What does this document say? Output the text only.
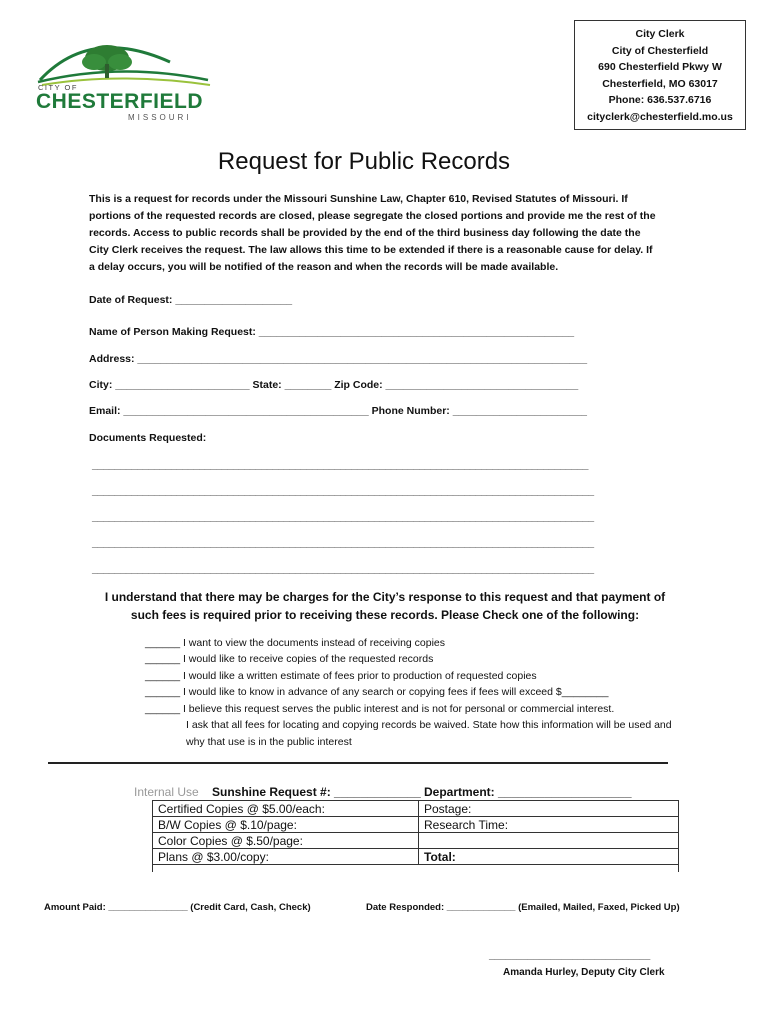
CITY OF
CHESTERFIELD
MISSOURI
City Clerk
City of Chesterfield
690 Chesterfield Pkwy W
Chesterfield, MO 63017
Phone: 636.537.6716
cityclerk@chesterfield.mo.us
Request for Public Records
This is a request for records under the Missouri Sunshine Law, Chapter 610, Revised Statutes of Missouri. If portions of the requested records are closed, please segregate the closed portions and provide me the rest of the records. Access to public records shall be provided by the end of the third business day following the date the City Clerk receives the request. The law allows this time to be extended if there is a reasonable cause for delay. If a delay occurs, you will be notified of the reason and when the records will be made available.
Date of Request: ____________________
Name of Person Making Request: ______________________________________________________
Address: _____________________________________________________________________________
City: _______________________ State: ________ Zip Code: _________________________________
Email: __________________________________________ Phone Number: _______________________
Documents Requested:
________________________________________________________________________________________
_________________________________________________________________________________________
_________________________________________________________________________________________
_________________________________________________________________________________________
_________________________________________________________________________________________
I understand that there may be charges for the City’s response to this request and that payment of such fees is required prior to receiving these records. Please Check one of the following:
______ I want to view the documents instead of receiving copies
______ I would like to receive copies of the requested records
______ I would like a written estimate of fees prior to production of requested copies
______ I would like to know in advance of any search or copying fees if fees will exceed $________
______ I believe this request serves the public interest and is not for personal or commercial interest.
I ask that all fees for locating and copying records be waived. State how this information will be used and why that use is in the public interest
Internal Use Sunshine Request #: _____________ Department: ____________________
Certified Copies @ $5.00/each:
B/W Copies @ $.10/page:
Color Copies @ $.50/page:
Plans @ $3.00/copy:
Postage:
Research Time:
Total:
Amount Paid: _______________ (Credit Card, Cash, Check)	Date Responded: _____________ (Emailed, Mailed, Faxed, Picked Up)
_____________________________
Amanda Hurley, Deputy City Clerk
